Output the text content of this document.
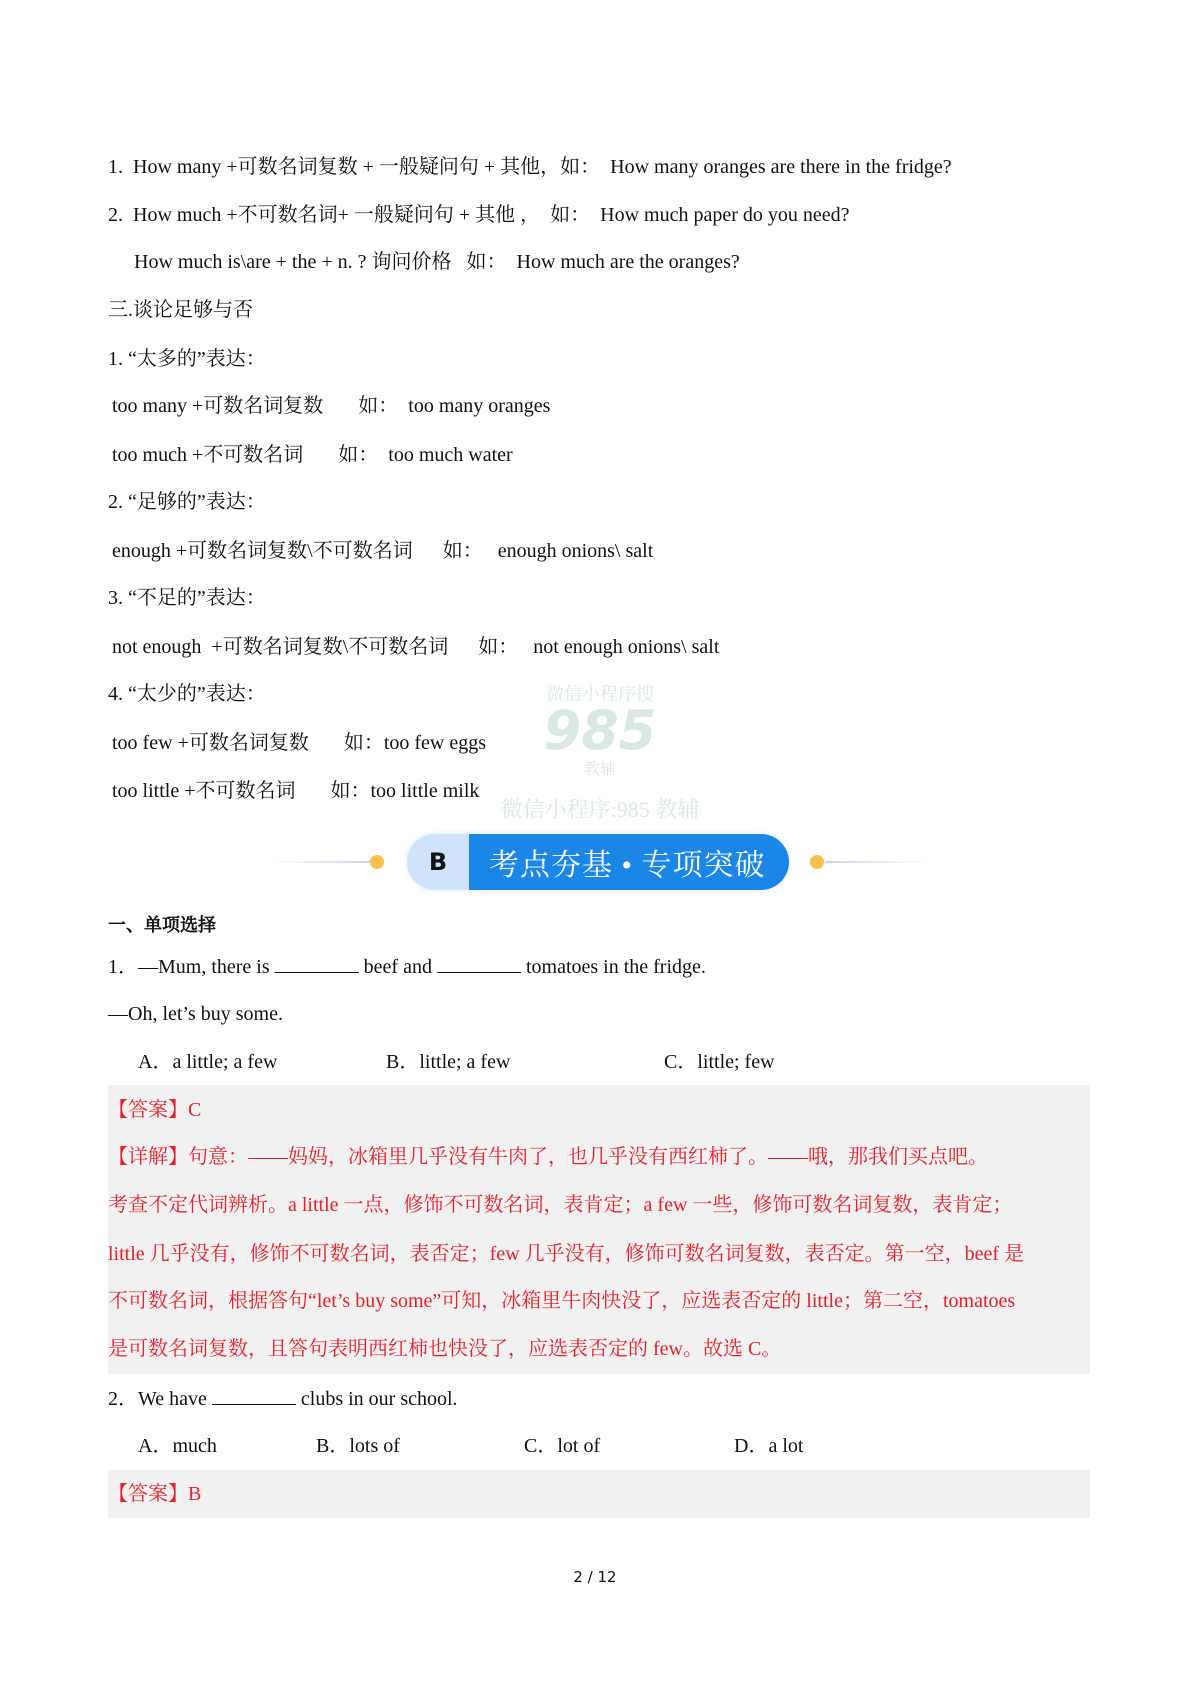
1.  How many +可数名词复数 + 一般疑问句 + 其他，如：  How many oranges are there in the fridge?
2.  How much +不可数名词+ 一般疑问句 + 其他 ，  如：  How much paper do you need?
How much is\are + the + n. ? 询问价格   如：  How much are the oranges?
三.谈论足够与否
1. “太多的”表达：
too many +可数名词复数       如：  too many oranges
too much +不可数名词       如：  too much water
2. “足够的”表达：
enough +可数名词复数\不可数名词      如：   enough onions\ salt
3. “不足的”表达：
not enough  +可数名词复数\不可数名词      如：   not enough onions\ salt
4. “太少的”表达：
too few +可数名词复数       如：too few eggs
too little +不可数名词       如：too little milk
微信小程序搜
985
教辅
微信小程序:985 教辅
B	考点夯基 • 专项突破
一、单项选择
1．—Mum, there is	beef and	tomatoes in the fridge.
—Oh, let’s buy some.
A．a little; a few	B．little; a few	C．little; few
【答案】C
【详解】句意：——妈妈，冰箱里几乎没有牛肉了，也几乎没有西红柿了。——哦，那我们买点吧。
考查不定代词辨析。a little 一点，修饰不可数名词，表肯定；a few 一些，修饰可数名词复数，表肯定；
little 几乎没有，修饰不可数名词，表否定；few 几乎没有，修饰可数名词复数，表否定。第一空，beef 是
不可数名词，根据答句“let’s buy some”可知，冰箱里牛肉快没了，应选表否定的 little；第二空，tomatoes
是可数名词复数，且答句表明西红柿也快没了，应选表否定的 few。故选 C。
2．We have	clubs in our school.
A．much	B．lots of	C．lot of	D．a lot
【答案】B
2 / 12
